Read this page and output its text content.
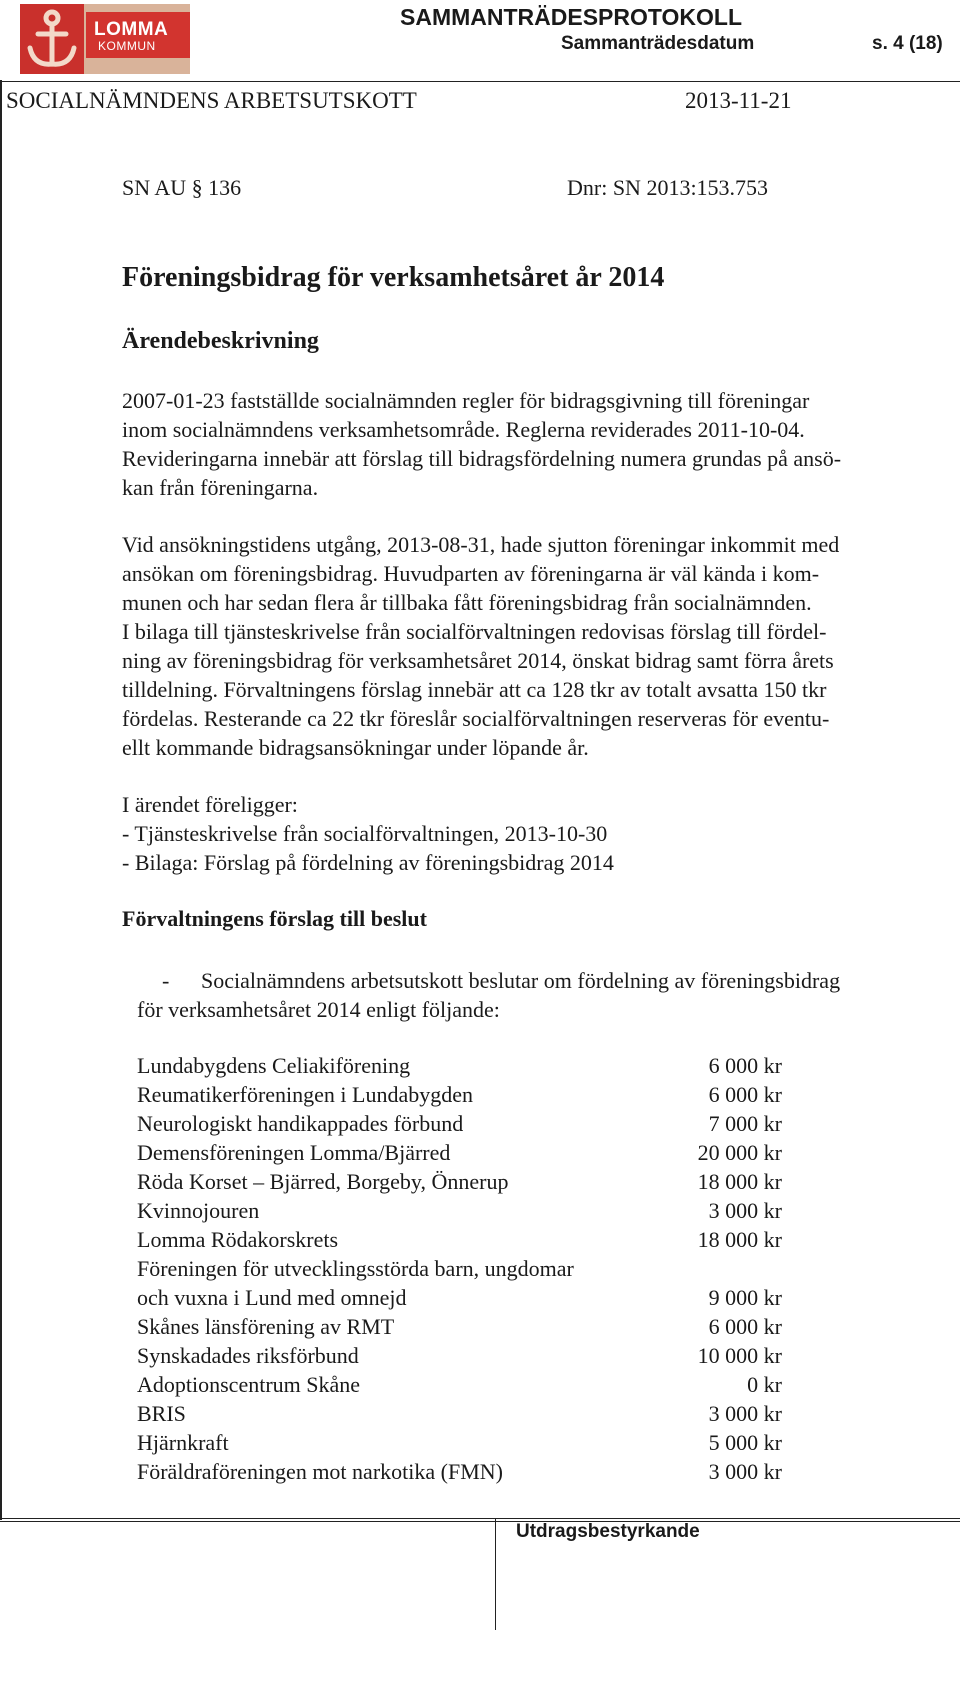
LOMMA
KOMMUN
SAMMANTRÄDESPROTOKOLL
Sammanträdesdatum	s. 4 (18)
SOCIALNÄMNDENS ARBETSUTSKOTT	2013-11-21
SN AU § 136	Dnr: SN 2013:153.753
Föreningsbidrag för verksamhetsåret år 2014
Ärendebeskrivning
2007-01-23 fastställde socialnämnden regler för bidragsgivning till föreningar
inom socialnämndens verksamhetsområde. Reglerna reviderades 2011-10-04.
Revideringarna innebär att förslag till bidragsfördelning numera grundas på ansö-
kan från föreningarna.
Vid ansökningstidens utgång, 2013-08-31, hade sjutton föreningar inkommit med
ansökan om föreningsbidrag. Huvudparten av föreningarna är väl kända i kom-
munen och har sedan flera år tillbaka fått föreningsbidrag från socialnämnden.
I bilaga till tjänsteskrivelse från socialförvaltningen redovisas förslag till fördel-
ning av föreningsbidrag för verksamhetsåret 2014, önskat bidrag samt förra årets
tilldelning. Förvaltningens förslag innebär att ca 128 tkr av totalt avsatta 150 tkr
fördelas. Resterande ca 22 tkr föreslår socialförvaltningen reserveras för eventu-
ellt kommande bidragsansökningar under löpande år.
I ärendet föreligger:
- Tjänsteskrivelse från socialförvaltningen, 2013-10-30
- Bilaga: Förslag på fördelning av föreningsbidrag 2014
Förvaltningens förslag till beslut
- Socialnämndens arbetsutskott beslutar om fördelning av föreningsbidrag
för verksamhetsåret 2014 enligt följande:
Lundabygdens Celiakiförening	6 000 kr
Reumatikerföreningen i Lundabygden	6 000 kr
Neurologiskt handikappades förbund	7 000 kr
Demensföreningen Lomma/Bjärred	20 000 kr
Röda Korset – Bjärred, Borgeby, Önnerup	18 000 kr
Kvinnojouren	3 000 kr
Lomma Rödakorskrets	18 000 kr
Föreningen för utvecklingsstörda barn, ungdomar
och vuxna i Lund med omnejd	9 000 kr
Skånes länsförening av RMT	6 000 kr
Synskadades riksförbund	10 000 kr
Adoptionscentrum Skåne	0 kr
BRIS	3 000 kr
Hjärnkraft	5 000 kr
Föräldraföreningen mot narkotika (FMN)	3 000 kr
Utdragsbestyrkande
